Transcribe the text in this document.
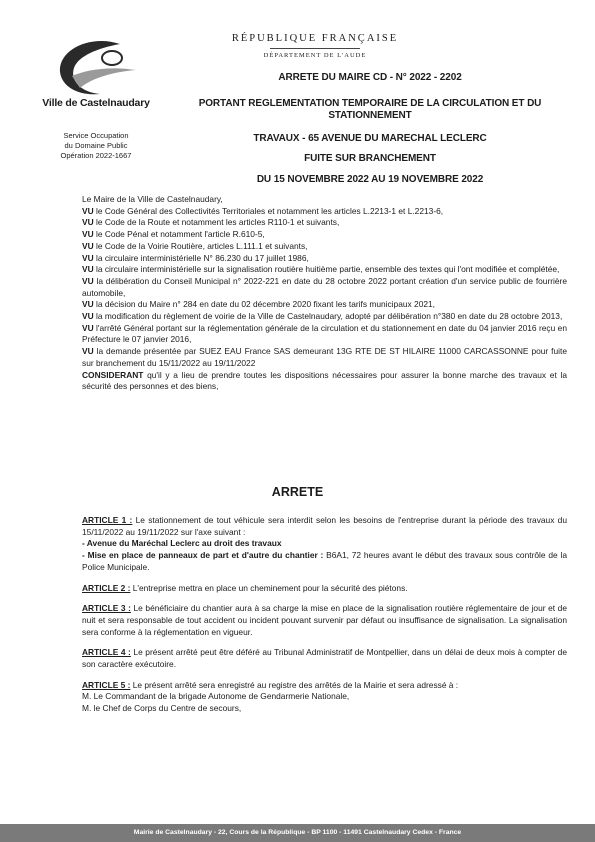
Ville de Castelnaudary
Service Occupation
du Domaine Public
Opération 2022-1667
RÉPUBLIQUE FRANÇAISE
DÉPARTEMENT DE L'AUDE
ARRETE DU MAIRE CD - N° 2022 - 2202
PORTANT REGLEMENTATION TEMPORAIRE DE LA CIRCULATION ET DU
STATIONNEMENT
TRAVAUX - 65 AVENUE DU MARECHAL LECLERC
FUITE SUR BRANCHEMENT
DU 15 NOVEMBRE 2022 AU 19 NOVEMBRE 2022

Le Maire de la Ville de Castelnaudary,

VU le Code Général des Collectivités Territoriales et notamment les articles L.2213-1 et L.2213-6,

VU le Code de la Route et notamment les articles R110-1 et suivants,

VU le Code Pénal et notamment l'article R.610-5,

VU le Code de la Voirie Routière, articles L.111.1 et suivants,

VU la circulaire interministérielle N° 86.230 du 17 juillet 1986,

VU la circulaire interministérielle sur la signalisation routière huitième partie, ensemble des textes qui l'ont modifiée et complétée,

VU la délibération du Conseil Municipal n° 2022-221 en date du 28 octobre 2022 portant création d'un service public de fourrière automobile,

VU la décision du Maire n° 284 en date du 02 décembre 2020 fixant les tarifs municipaux 2021,

VU la modification du règlement de voirie de la Ville de Castelnaudary, adopté par délibération n°380 en date du 28 octobre 2013,

VU l'arrêté Général portant sur la réglementation générale de la circulation et du stationnement en date du 04 janvier 2016 reçu en Préfecture le 07 janvier 2016,

VU la demande présentée par SUEZ EAU France SAS demeurant 13G RTE DE ST HILAIRE 11000 CARCASSONNE pour fuite sur branchement du 15/11/2022 au 19/11/2022

CONSIDERANT qu'il y a lieu de prendre toutes les dispositions nécessaires pour assurer la bonne marche des travaux et la sécurité des personnes et des biens,

ARRETE

ARTICLE 1 : Le stationnement de tout véhicule sera interdit selon les besoins de l'entreprise durant la période des travaux du 15/11/2022 au 19/11/2022 sur l'axe suivant :

- Avenue du Maréchal Leclerc au droit des travaux

- Mise en place de panneaux de part et d'autre du chantier : B6A1, 72 heures avant le début des travaux sous contrôle de la Police Municipale.

ARTICLE 2 : L'entreprise mettra en place un cheminement pour la sécurité des piétons.

ARTICLE 3 : Le bénéficiaire du chantier aura à sa charge la mise en place de la signalisation routière réglementaire de jour et de nuit et sera responsable de tout accident ou incident pouvant survenir par défaut ou insuffisance de signalisation. La signalisation sera conforme à la réglementation en vigueur.

ARTICLE 4 : Le présent arrêté peut être déféré au Tribunal Administratif de Montpellier, dans un délai de deux mois à compter de son caractère exécutoire.

ARTICLE 5 : Le présent arrêté sera enregistré au registre des arrêtés de la Mairie et sera adressé à :

M. Le Commandant de la brigade Autonome de Gendarmerie Nationale,

M. le Chef de Corps du Centre de secours,

Mairie de Castelnaudary - 22, Cours de la République - BP 1100 - 11491 Castelnaudary Cedex - France
